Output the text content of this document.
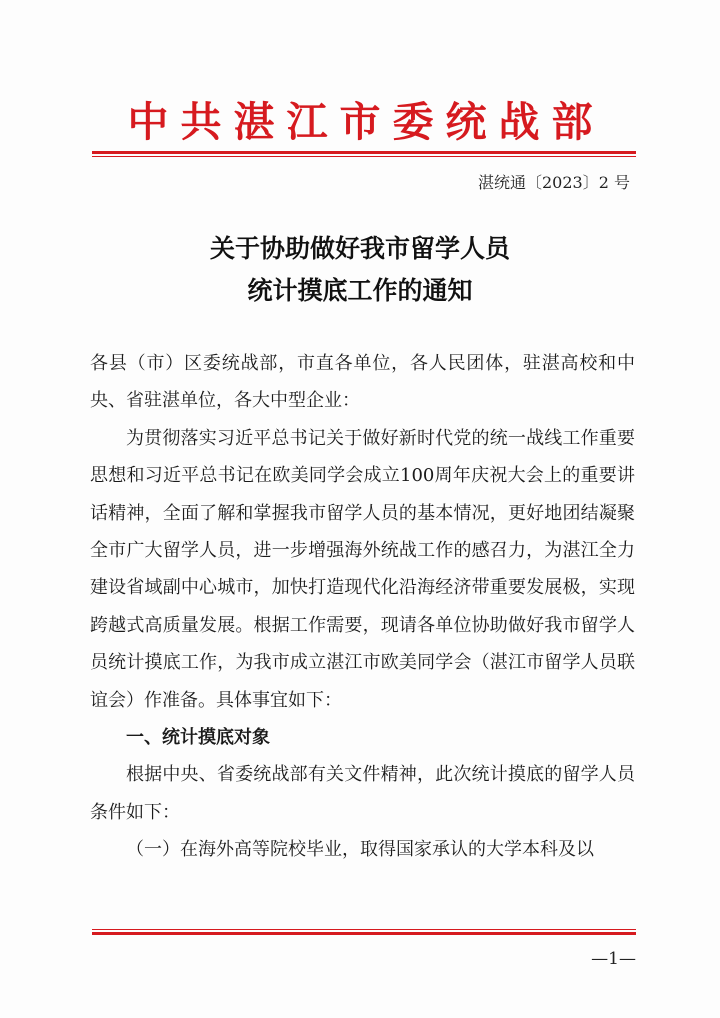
中共湛江市委统战部
湛统通〔2023〕2 号
关于协助做好我市留学人员
统计摸底工作的通知

各县（市）区委统战部，市直各单位，各人民团体，驻湛高校和中央、省驻湛单位，各大中型企业：

为贯彻落实习近平总书记关于做好新时代党的统一战线工作重要思想和习近平总书记在欧美同学会成立100周年庆祝大会上的重要讲话精神，全面了解和掌握我市留学人员的基本情况，更好地团结凝聚全市广大留学人员，进一步增强海外统战工作的感召力，为湛江全力建设省域副中心城市，加快打造现代化沿海经济带重要发展极，实现跨越式高质量发展。根据工作需要，现请各单位协助做好我市留学人员统计摸底工作，为我市成立湛江市欧美同学会（湛江市留学人员联谊会）作准备。具体事宜如下：

一、统计摸底对象

根据中央、省委统战部有关文件精神，此次统计摸底的留学人员条件如下：

（一）在海外高等院校毕业，取得国家承认的大学本科及以

—1—
